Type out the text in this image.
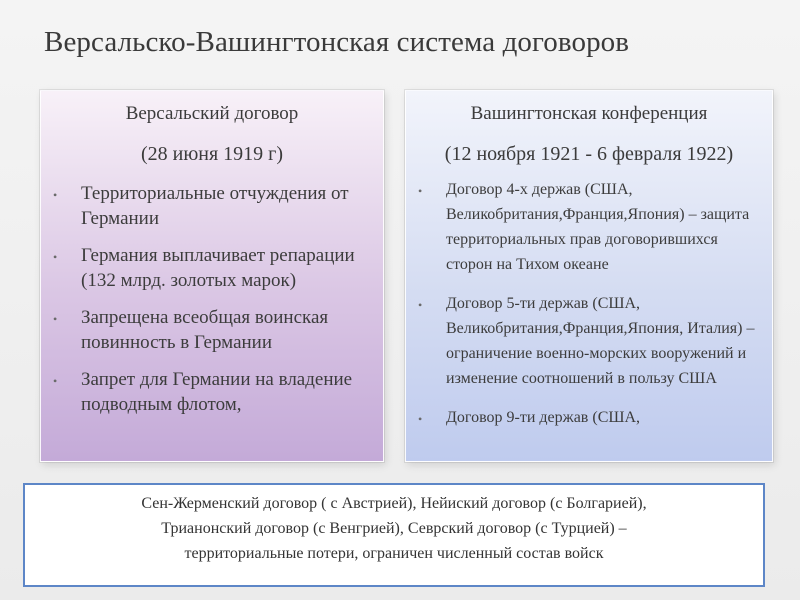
Версальско-Вашингтонская система договоров
Версальский договор
(28 июня 1919 г)
• Территориальные отчуждения от Германии
• Германия выплачивает репарации (132 млрд. золотых марок)
• Запрещена всеобщая воинская повинность в Германии
• Запрет для Германии на владение подводным флотом,
Вашингтонская конференция
(12 ноября 1921 - 6 февраля 1922)
• Договор 4-х держав (США, Великобритания,Франция,Япония) – защита территориальных прав договорившихся сторон на Тихом океане
• Договор 5-ти держав (США, Великобритания,Франция,Япония, Италия) – ограничение военно-морских вооружений и изменение соотношений в пользу США
• Договор 9-ти держав (США,
Сен-Жерменский договор ( с Австрией), Нейиский договор (с Болгарией),
Трианонский договор (с Венгрией), Севрский договор (с Турцией) –
территориальные потери, ограничен численный состав войск
